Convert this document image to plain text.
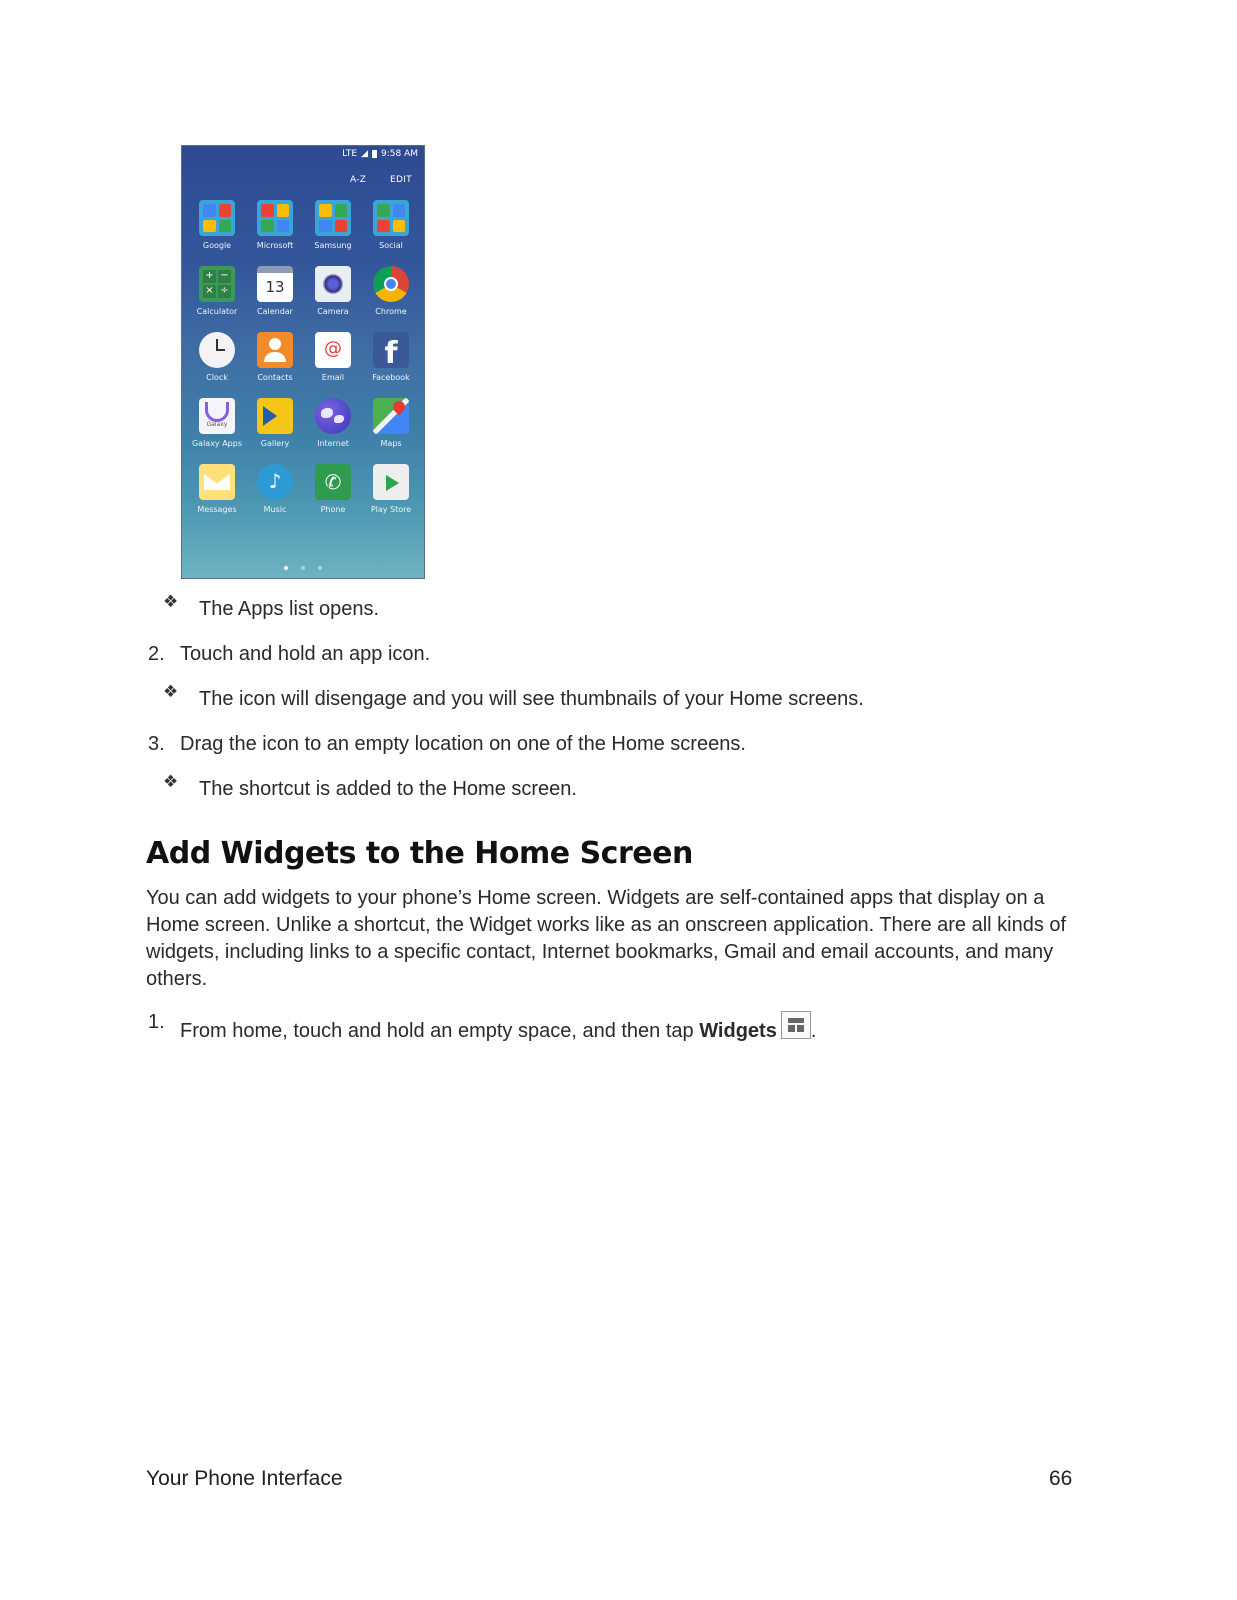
LTE ◢ 9:58 AM
A-Z	EDIT
Google	Microsoft	Samsung	Social
+ −
× ÷
Calculator
13
Calendar	Camera	Chrome
Clock	Contacts
@	Email
f
Facebook
Galaxy
Galaxy Apps Gallery	Internet	Maps
Messages
♪	Music
✆	Phone	Play Store
❖ The Apps list opens.
2. Touch and hold an app icon.
❖ The icon will disengage and you will see thumbnails of your Home screens.
3. Drag the icon to an empty location on one of the Home screens.
❖ The shortcut is added to the Home screen.
Add Widgets to the Home Screen
You can add widgets to your phone’s Home screen. Widgets are self-contained apps that display on a Home screen. Unlike a shortcut, the Widget works like as an onscreen application. There are all kinds of widgets, including links to a specific contact, Internet bookmarks, Gmail and email accounts, and many others.
1. From home, touch and hold an empty space, and then tap Widgets .
Your Phone Interface	66
